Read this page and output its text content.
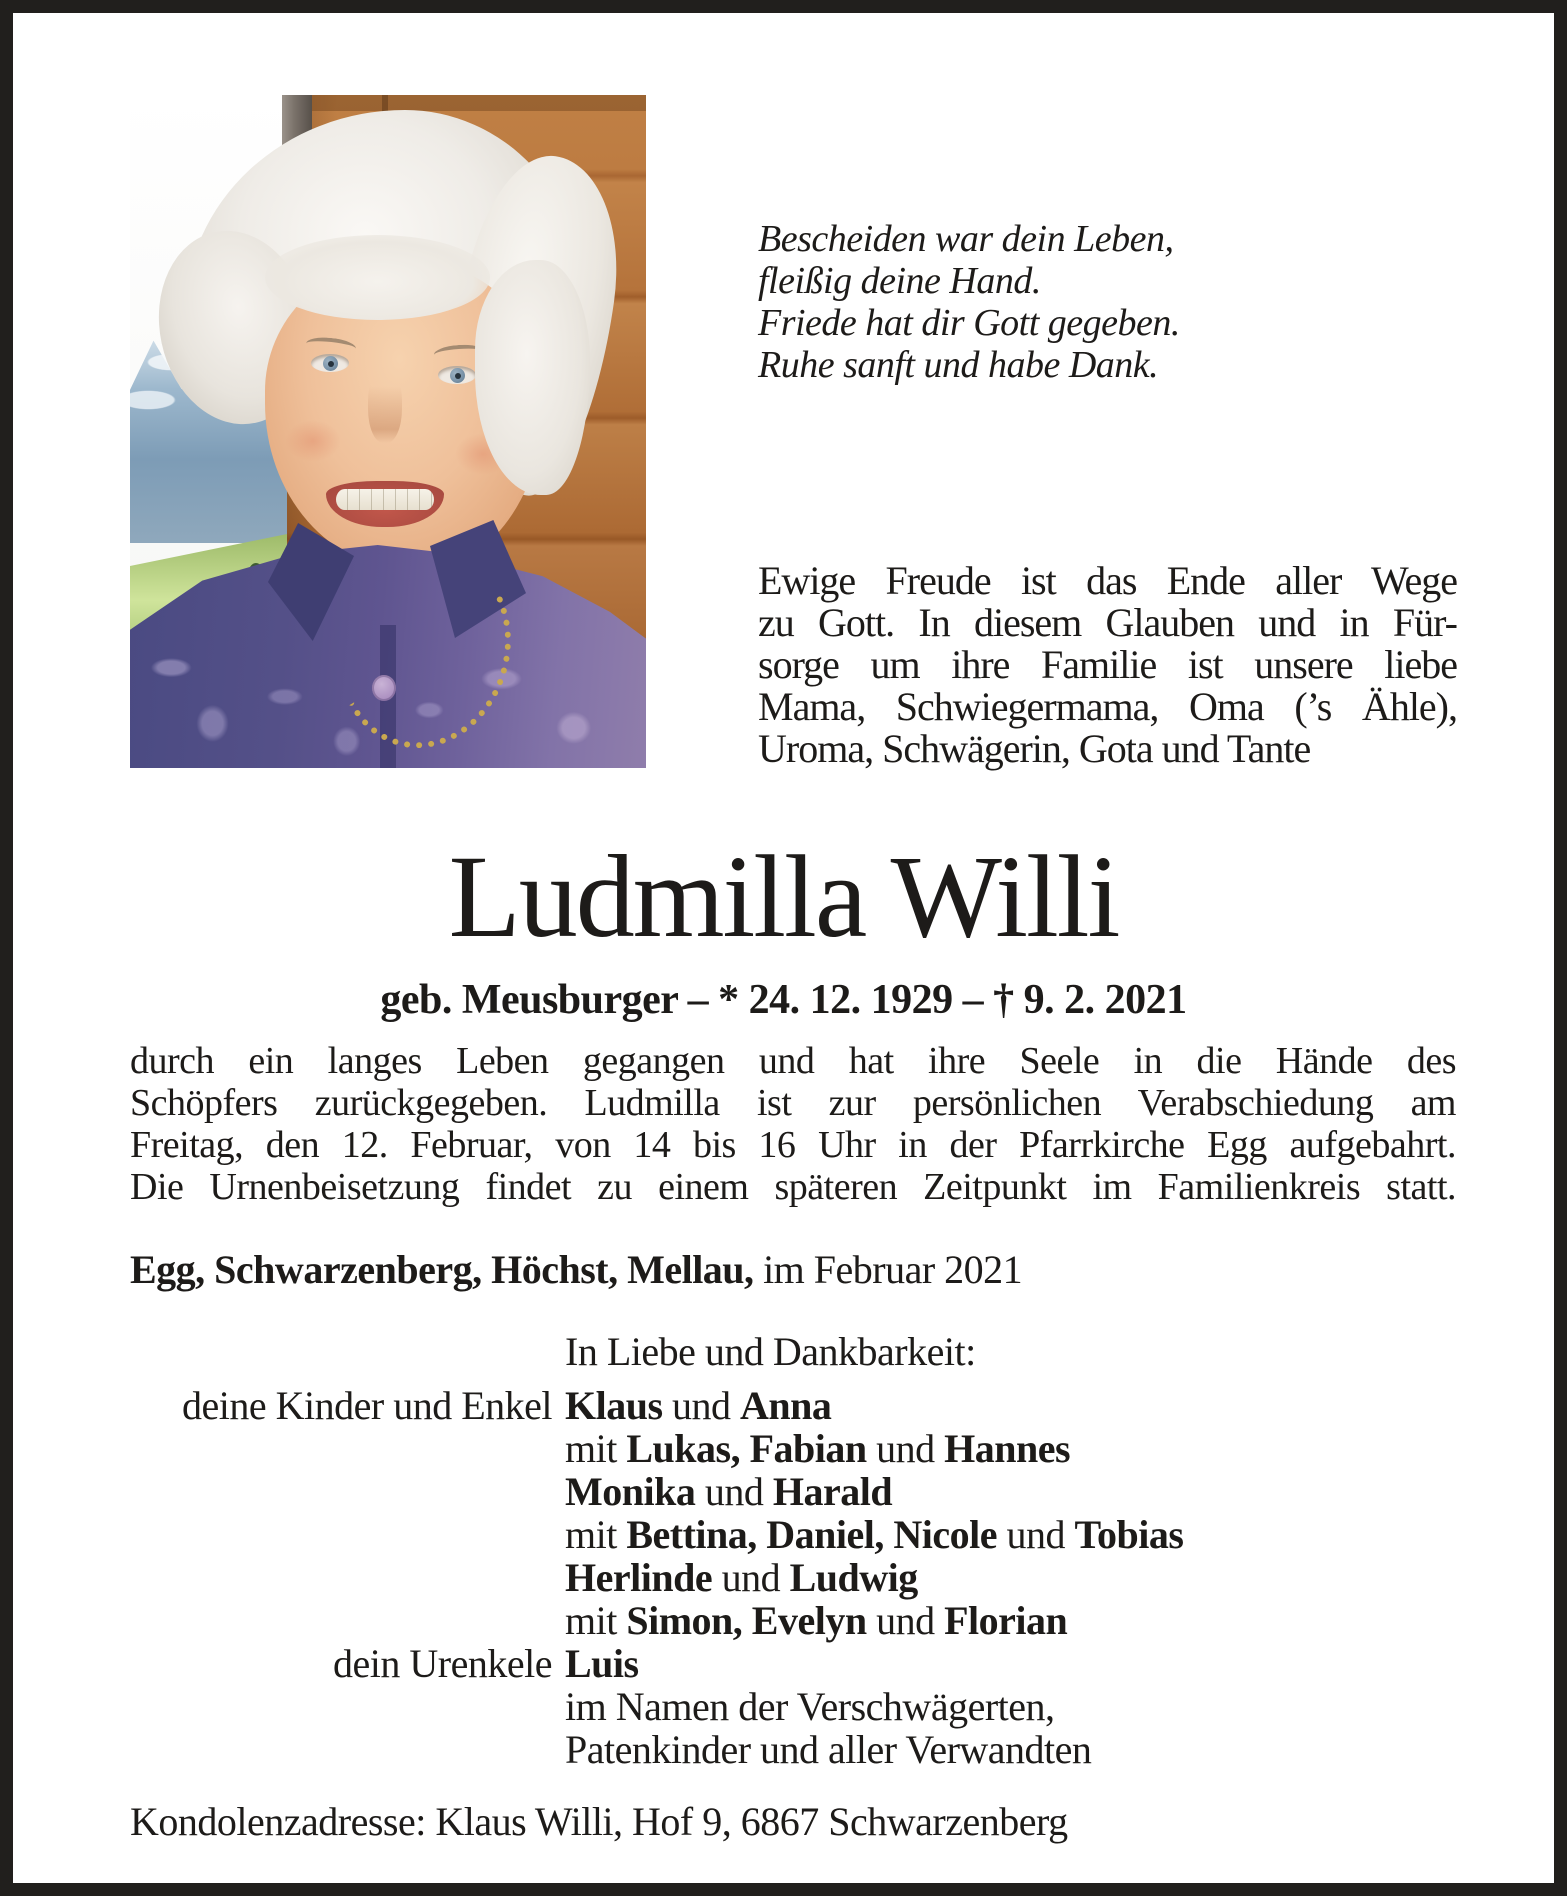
Bescheiden war dein Leben,
fleißig deine Hand.
Friede hat dir Gott gegeben.
Ruhe sanft und habe Dank.
Ewige Freude ist das Ende aller Wege
zu Gott. In diesem Glauben und in Für-
sorge um ihre Familie ist unsere liebe
Mama, Schwiegermama, Oma (’s Ähle),
Uroma, Schwägerin, Gota und Tante
Ludmilla Willi
geb. Meusburger – * 24. 12. 1929 – † 9. 2. 2021
durch ein langes Leben gegangen und hat ihre Seele in die Hände des
Schöpfers zurückgegeben. Ludmilla ist zur persönlichen Verabschiedung am
Freitag, den 12. Februar, von 14 bis 16 Uhr in der Pfarrkirche Egg aufgebahrt.
Die Urnenbeisetzung findet zu einem späteren Zeitpunkt im Familienkreis statt.
Egg, Schwarzenberg, Höchst, Mellau, im Februar 2021
In Liebe und Dankbarkeit:
deine Kinder und Enkel Klaus und Anna
mit Lukas, Fabian und Hannes
Monika und Harald
mit Bettina, Daniel, Nicole und Tobias
Herlinde und Ludwig
mit Simon, Evelyn und Florian
dein Urenkele Luis
im Namen der Verschwägerten,
Patenkinder und aller Verwandten
Kondolenzadresse: Klaus Willi, Hof 9, 6867 Schwarzenberg
